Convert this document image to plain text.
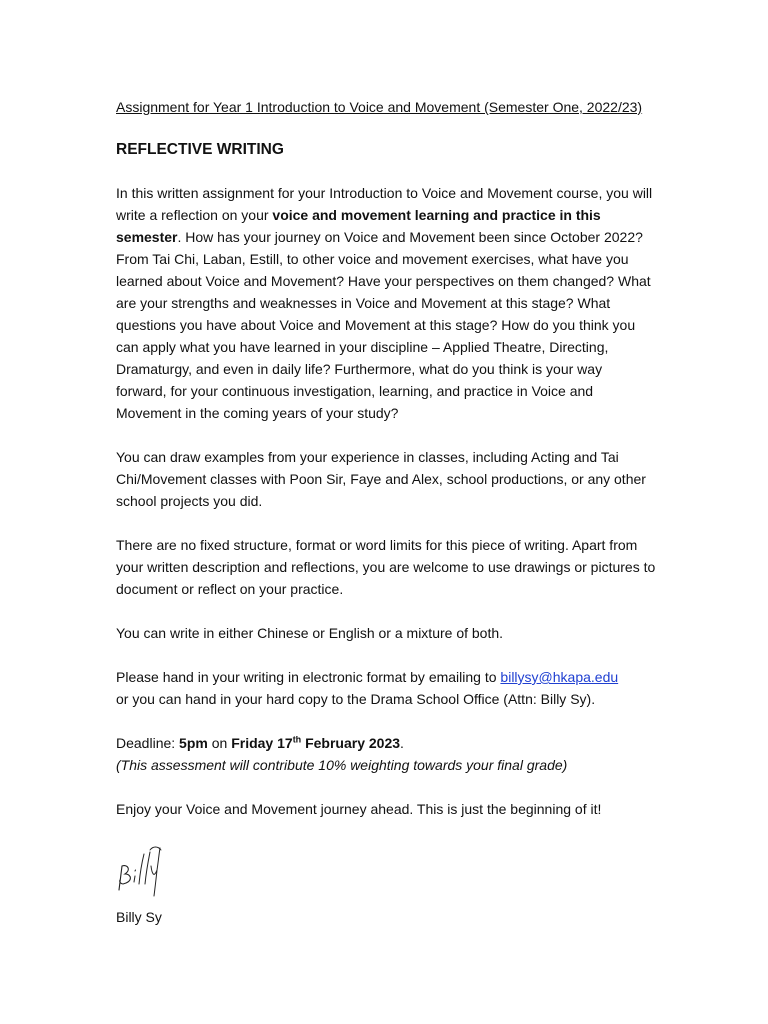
Assignment for Year 1 Introduction to Voice and Movement (Semester One, 2022/23)

REFLECTIVE WRITING

In this written assignment for your Introduction to Voice and Movement course, you will write a reflection on your voice and movement learning and practice in this semester. How has your journey on Voice and Movement been since October 2022? From Tai Chi, Laban, Estill, to other voice and movement exercises, what have you learned about Voice and Movement? Have your perspectives on them changed? What are your strengths and weaknesses in Voice and Movement at this stage? What questions you have about Voice and Movement at this stage? How do you think you can apply what you have learned in your discipline – Applied Theatre, Directing, Dramaturgy, and even in daily life? Furthermore, what do you think is your way forward, for your continuous investigation, learning, and practice in Voice and Movement in the coming years of your study?

You can draw examples from your experience in classes, including Acting and Tai Chi/Movement classes with Poon Sir, Faye and Alex, school productions, or any other school projects you did.

There are no fixed structure, format or word limits for this piece of writing. Apart from your written description and reflections, you are welcome to use drawings or pictures to document or reflect on your practice.

You can write in either Chinese or English or a mixture of both.

Please hand in your writing in electronic format by emailing to billysy@hkapa.edu
or you can hand in your hard copy to the Drama School Office (Attn: Billy Sy).

Deadline: 5pm on Friday 17th February 2023.

(This assessment will contribute 10% weighting towards your final grade)

Enjoy your Voice and Movement journey ahead. This is just the beginning of it!

Billy Sy
